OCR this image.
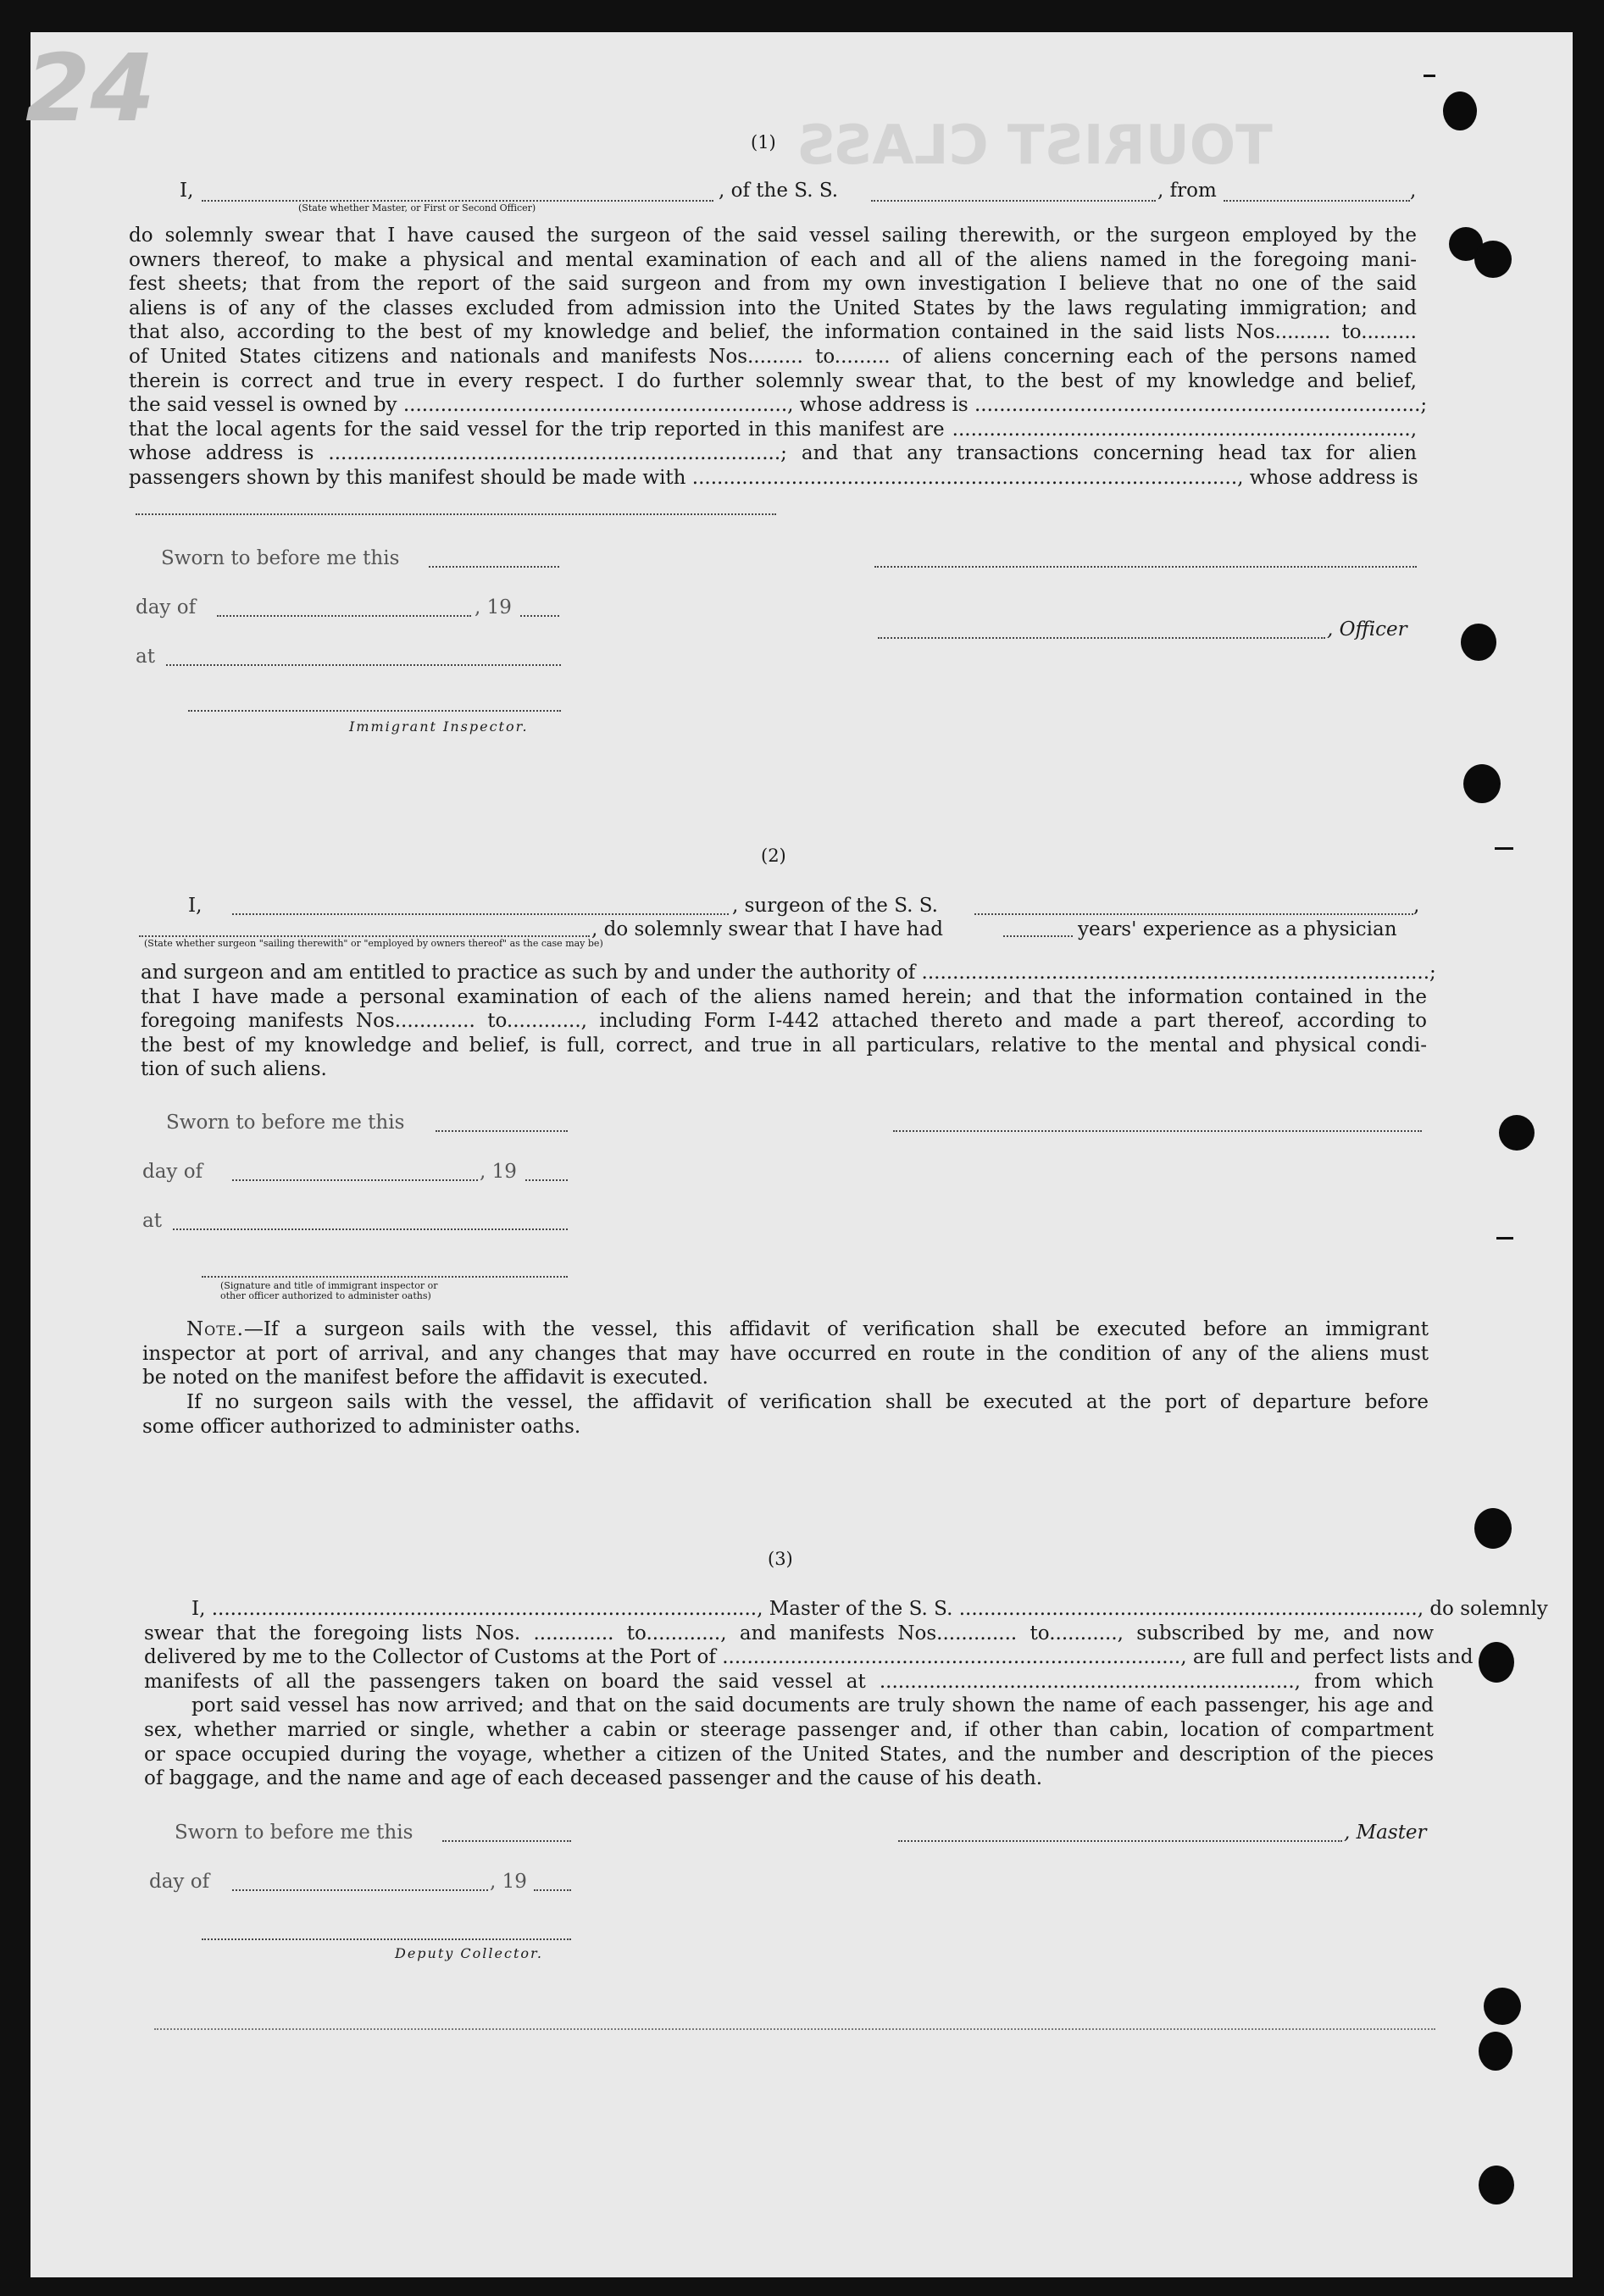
24
TOURIST CLASS
(1)
I,	, of the S. S.	, from	,
(State whether Master, or First or Second Officer)
do solemnly swear that I have caused the surgeon of the said vessel sailing therewith, or the surgeon employed by the
owners thereof, to make a physical and mental examination of each and all of the aliens named in the foregoing mani-
fest sheets; that from the report of the said surgeon and from my own investigation I believe that no one of the said
aliens is of any of the classes excluded from admission into the United States by the laws regulating immigration; and
that also, according to the best of my knowledge and belief, the information contained in the said lists Nos......... to.........
of United States citizens and nationals and manifests Nos......... to......... of aliens concerning each of the persons named
therein is correct and true in every respect. I do further solemnly swear that, to the best of my knowledge and belief,
the said vessel is owned by .............................................................., whose address is ........................................................................;
that the local agents for the said vessel for the trip reported in this manifest are ..........................................................................,
whose address is .........................................................................; and that any transactions concerning head tax for alien
passengers shown by this manifest should be made with ........................................................................................, whose address is
Sworn to before me this
day of	, 19
, Officer
at
Immigrant Inspector.
(2)
I,	, surgeon of the S. S.	,
, do solemnly swear that I have had	years' experience as a physician
(State whether surgeon "sailing therewith" or "employed by owners thereof" as the case may be)
and surgeon and am entitled to practice as such by and under the authority of ..................................................................................;
that I have made a personal examination of each of the aliens named herein; and that the information contained in the
foregoing manifests Nos............. to............, including Form I-442 attached thereto and made a part thereof, according to
the best of my knowledge and belief, is full, correct, and true in all particulars, relative to the mental and physical condi-
tion of such aliens.
Sworn to before me this
day of	, 19
at
(Signature and title of immigrant inspector or
other officer authorized to administer oaths)
Note.—If a surgeon sails with the vessel, this affidavit of verification shall be executed before an immigrant
inspector at port of arrival, and any changes that may have occurred en route in the condition of any of the aliens must
be noted on the manifest before the affidavit is executed.
If no surgeon sails with the vessel, the affidavit of verification shall be executed at the port of departure before
some officer authorized to administer oaths.
(3)
I, ........................................................................................, Master of the S. S. .........................................................................., do solemnly
swear that the foregoing lists Nos. ............. to............, and manifests Nos............. to..........., subscribed by me, and now
delivered by me to the Collector of Customs at the Port of .........................................................................., are full and perfect lists and
manifests of all the passengers taken on board the said vessel at ..................................................................., from which
port said vessel has now arrived; and that on the said documents are truly shown the name of each passenger, his age and
sex, whether married or single, whether a cabin or steerage passenger and, if other than cabin, location of compartment
or space occupied during the voyage, whether a citizen of the United States, and the number and description of the pieces
of baggage, and the name and age of each deceased passenger and the cause of his death.
Sworn to before me this	, Master
day of	, 19
Deputy Collector.
